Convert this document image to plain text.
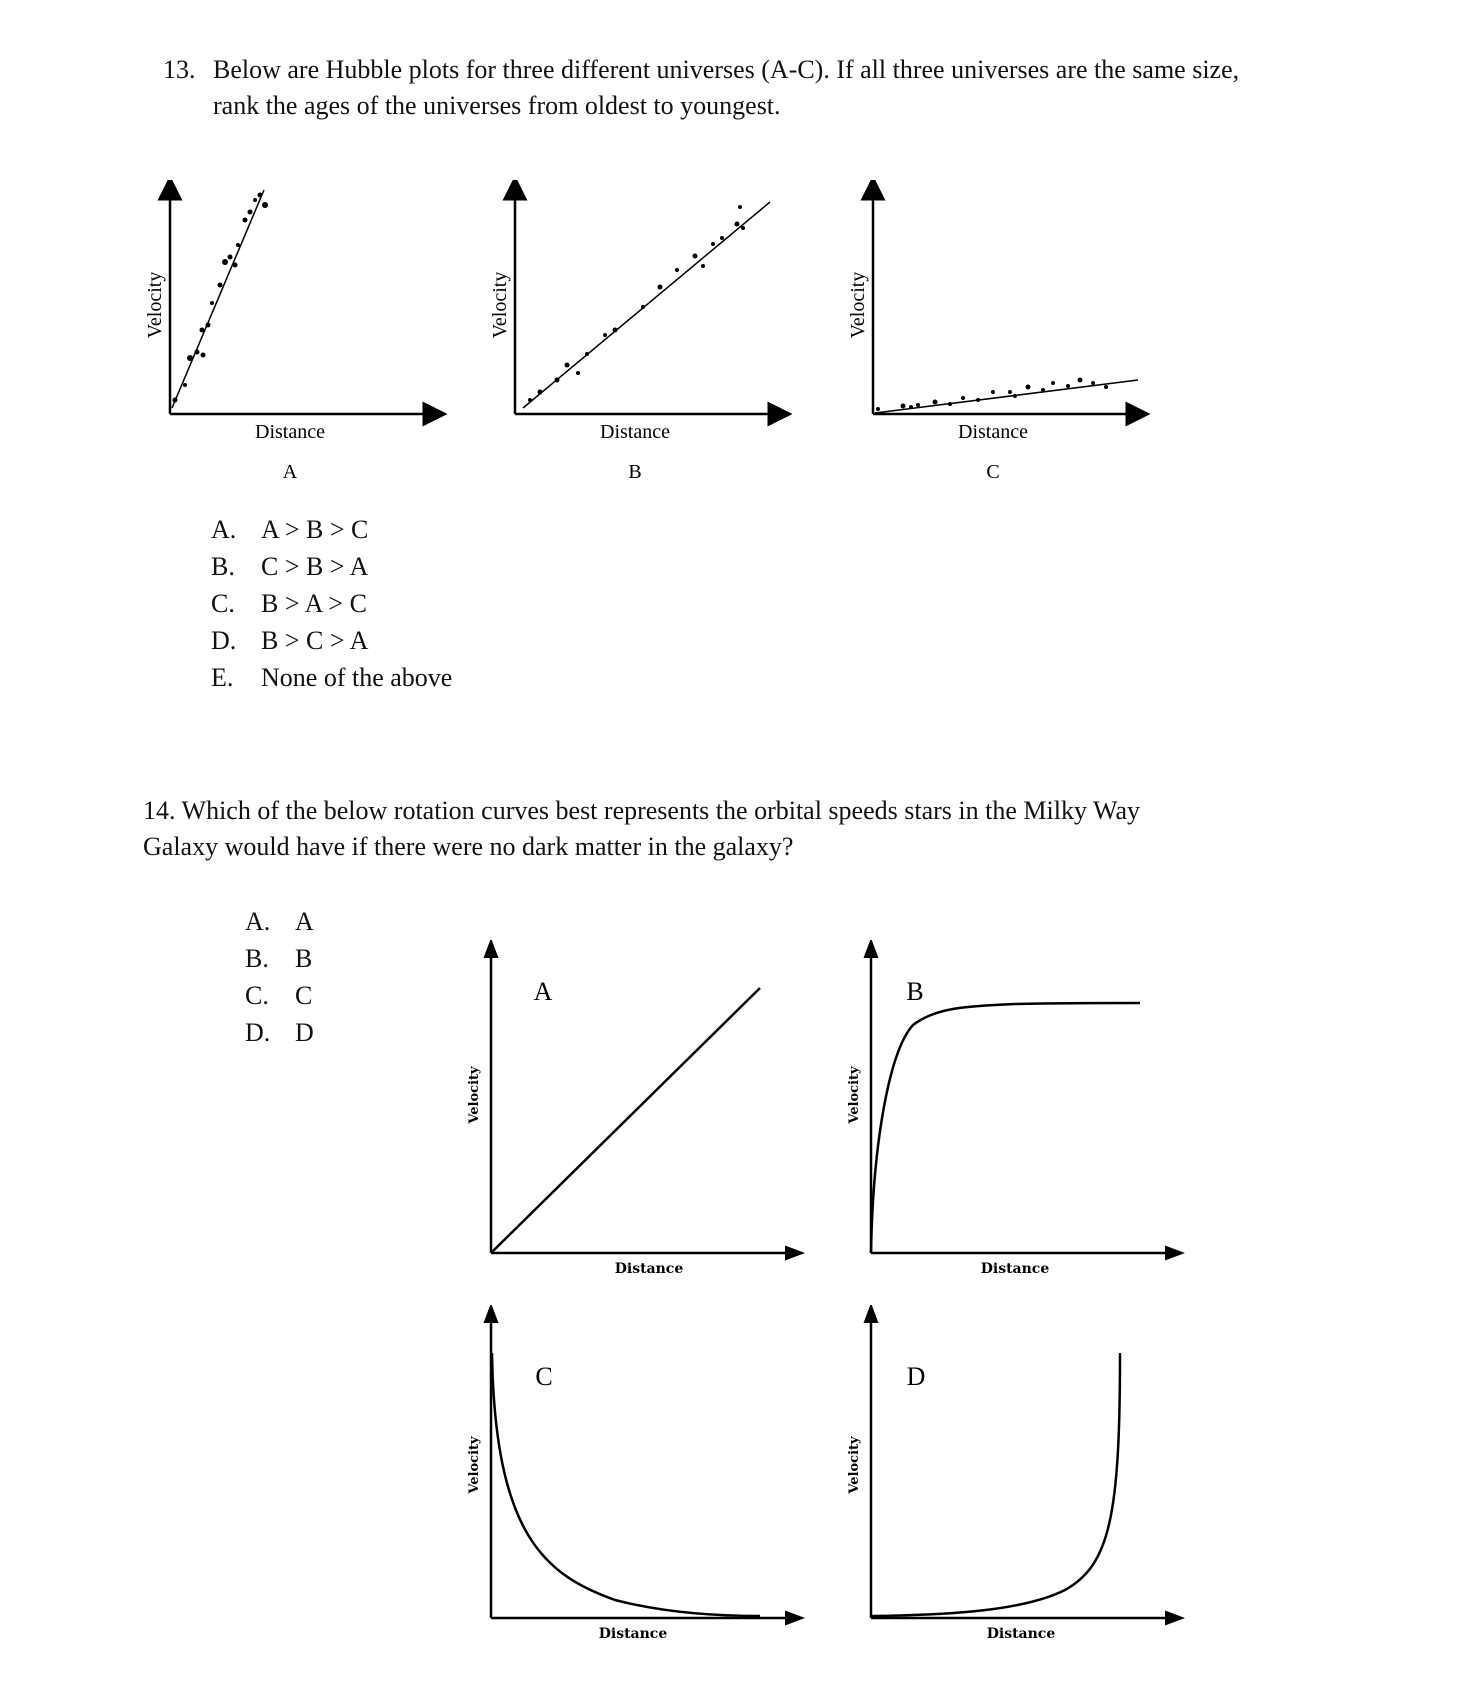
13. Below are Hubble plots for three different universes (A-C). If all three universes are the same size,
rank the ages of the universes from oldest to youngest.
Velocity
Distance
A
Velocity
Distance
B
Velocity
Distance
C
A. A > B > C
B. C > B > A
C. B > A > C
D. B > C > A
E. None of the above
14. Which of the below rotation curves best represents the orbital speeds stars in the Milky Way
Galaxy would have if there were no dark matter in the galaxy?
A. A
B. B
C. C
D. D
Velocity
Distance
A
Velocity
Distance
B
Velocity
Distance
C
Velocity
Distance
D
